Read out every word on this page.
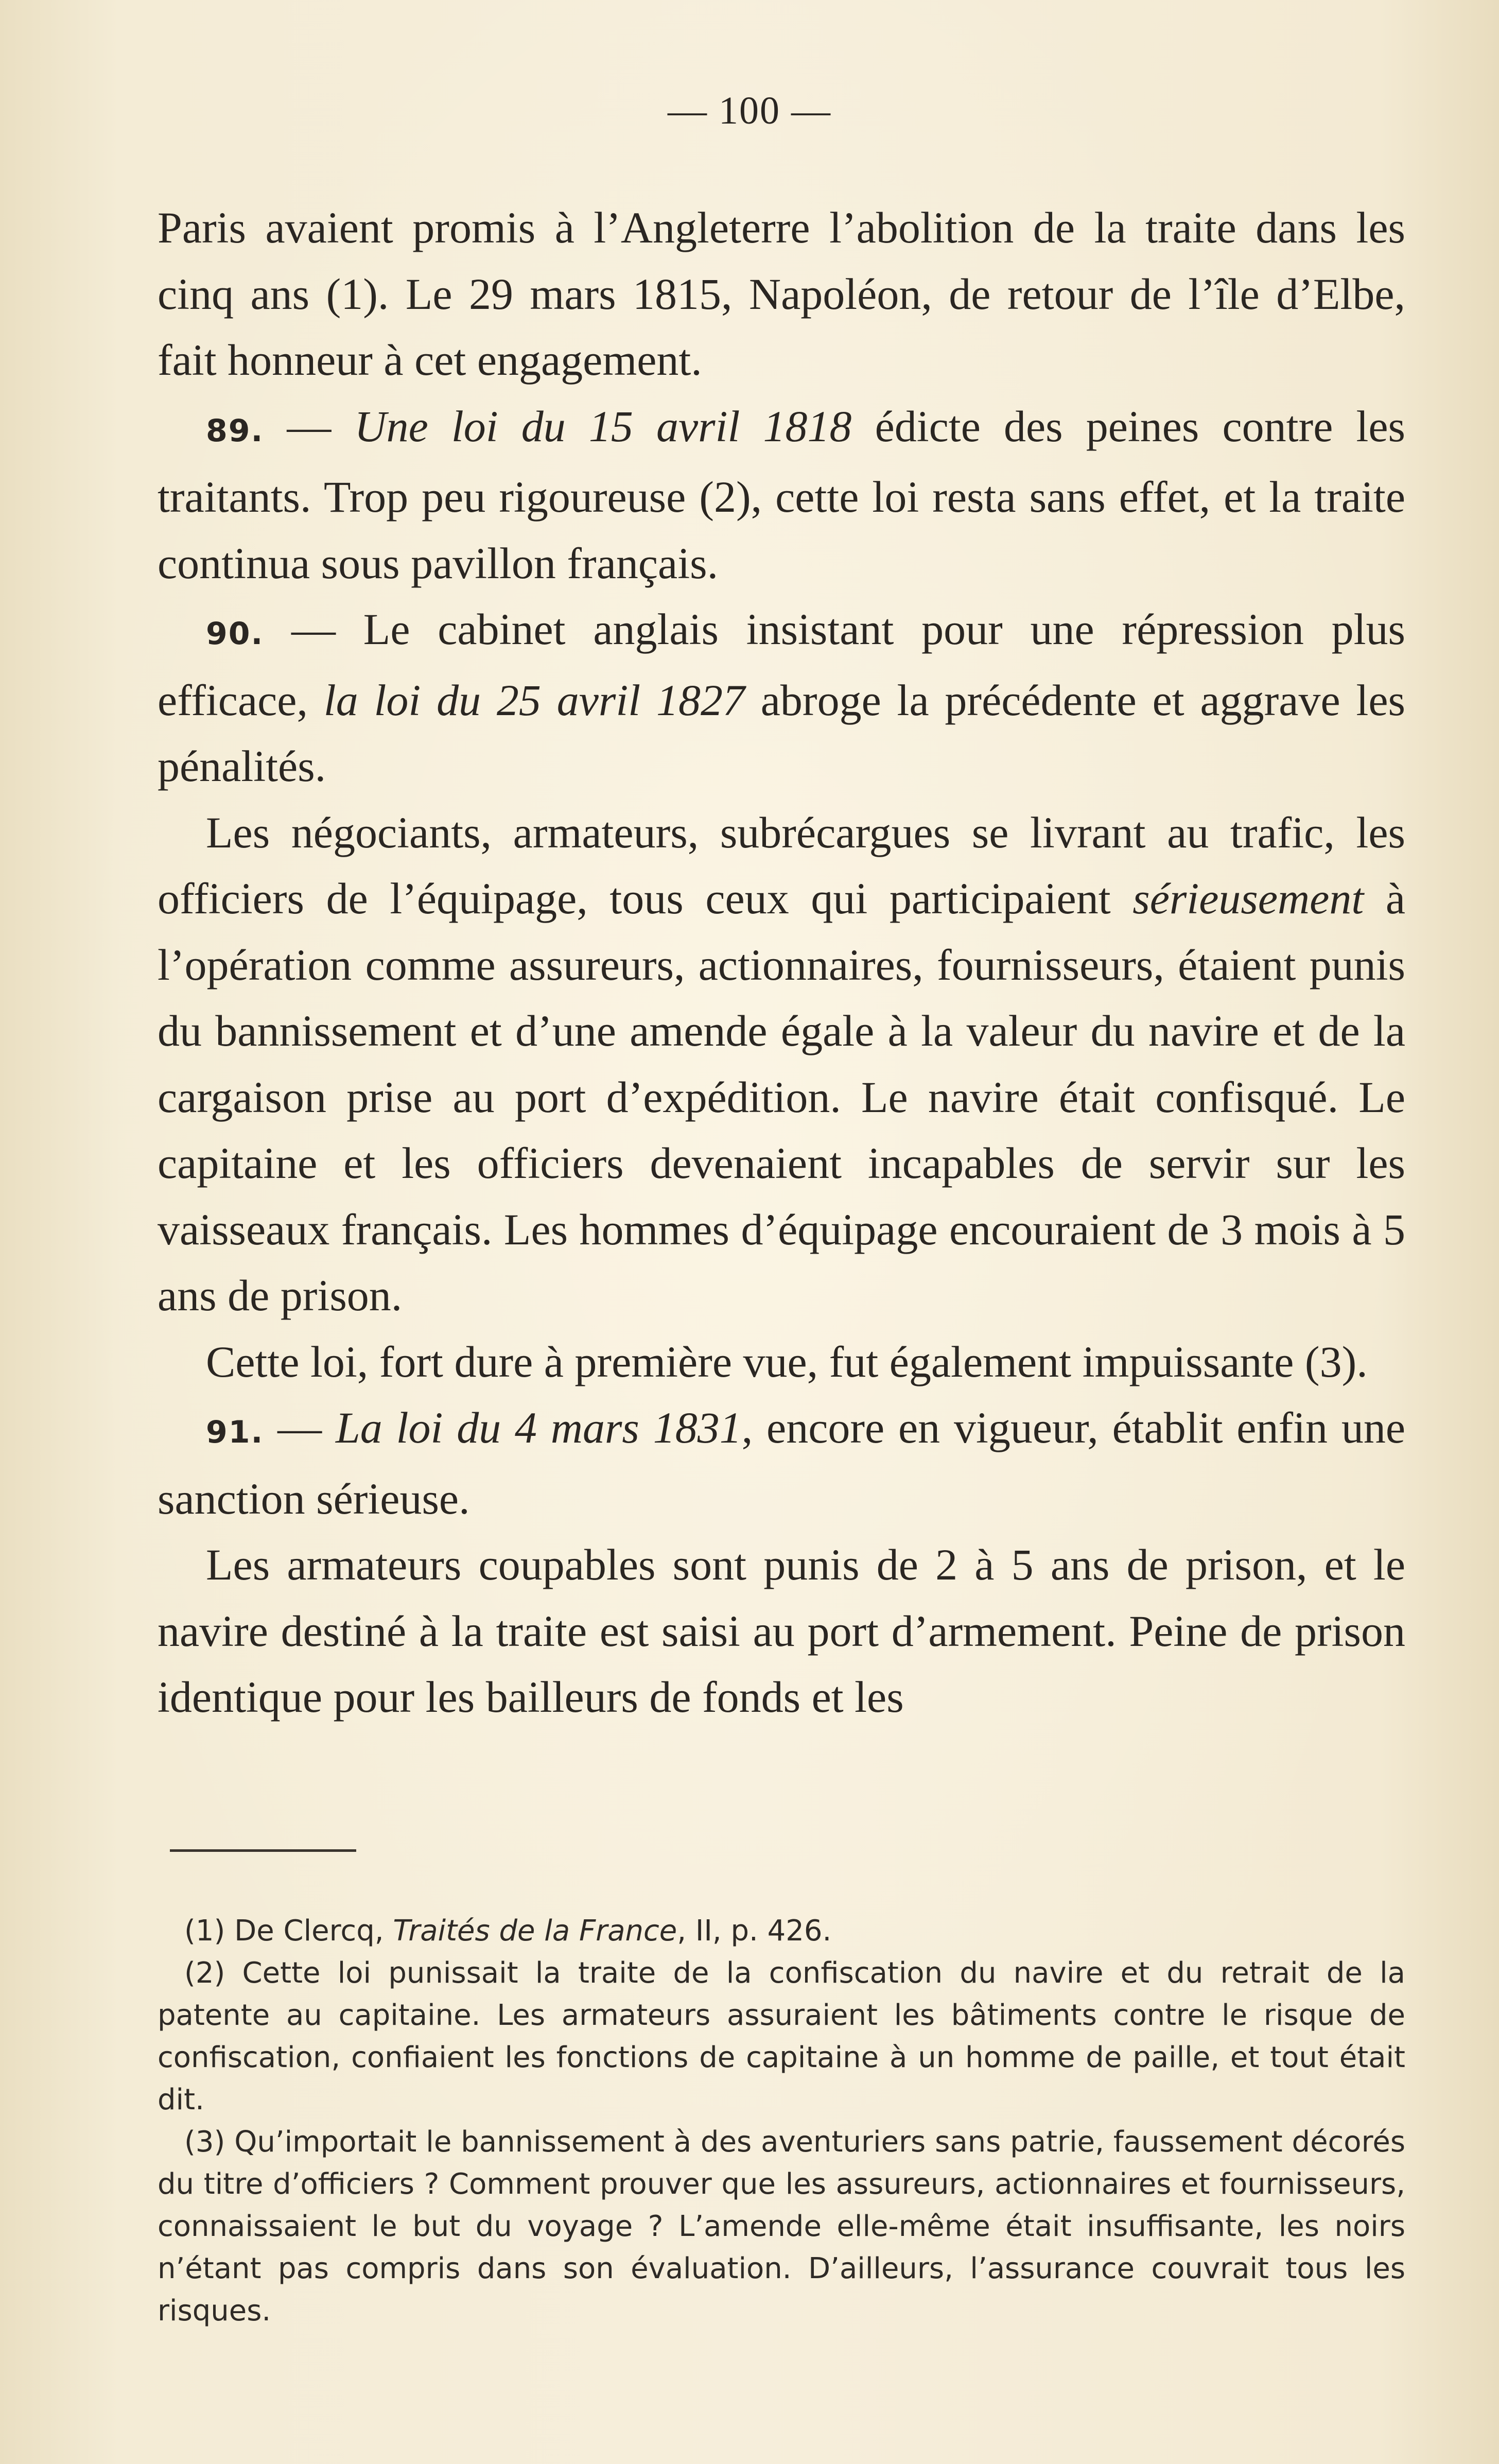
— 100 —

Paris avaient promis à l’Angleterre l’abolition de la traite dans les cinq ans (1). Le 29 mars 1815, Napoléon, de retour de l’île d’Elbe, fait honneur à cet engagement.

89. — Une loi du 15 avril 1818 édicte des peines contre les traitants. Trop peu rigoureuse (2), cette loi resta sans effet, et la traite continua sous pavillon français.

90. — Le cabinet anglais insistant pour une répression plus efficace, la loi du 25 avril 1827 abroge la précédente et aggrave les pénalités.

Les négociants, armateurs, subrécargues se livrant au trafic, les officiers de l’équipage, tous ceux qui participaient sérieusement à l’opération comme assureurs, actionnaires, fournisseurs, étaient punis du bannissement et d’une amende égale à la valeur du navire et de la cargaison prise au port d’expédition. Le navire était confisqué. Le capitaine et les officiers devenaient incapables de servir sur les vaisseaux français. Les hommes d’équipage encouraient de 3 mois à 5 ans de prison.

Cette loi, fort dure à première vue, fut également impuissante (3).

91. — La loi du 4 mars 1831, encore en vigueur, établit enfin une sanction sérieuse.

Les armateurs coupables sont punis de 2 à 5 ans de prison, et le navire destiné à la traite est saisi au port d’armement. Peine de prison identique pour les bailleurs de fonds et les

(1) De Clercq, Traités de la France, II, p. 426.

(2) Cette loi punissait la traite de la confiscation du navire et du retrait de la patente au capitaine. Les armateurs assuraient les bâtiments contre le risque de confiscation, confiaient les fonctions de capitaine à un homme de paille, et tout était dit.

(3) Qu’importait le bannissement à des aventuriers sans patrie, faussement décorés du titre d’officiers ? Comment prouver que les assureurs, actionnaires et fournisseurs, connaissaient le but du voyage ? L’amende elle-même était insuffisante, les noirs n’étant pas compris dans son évaluation. D’ailleurs, l’assurance couvrait tous les risques.
